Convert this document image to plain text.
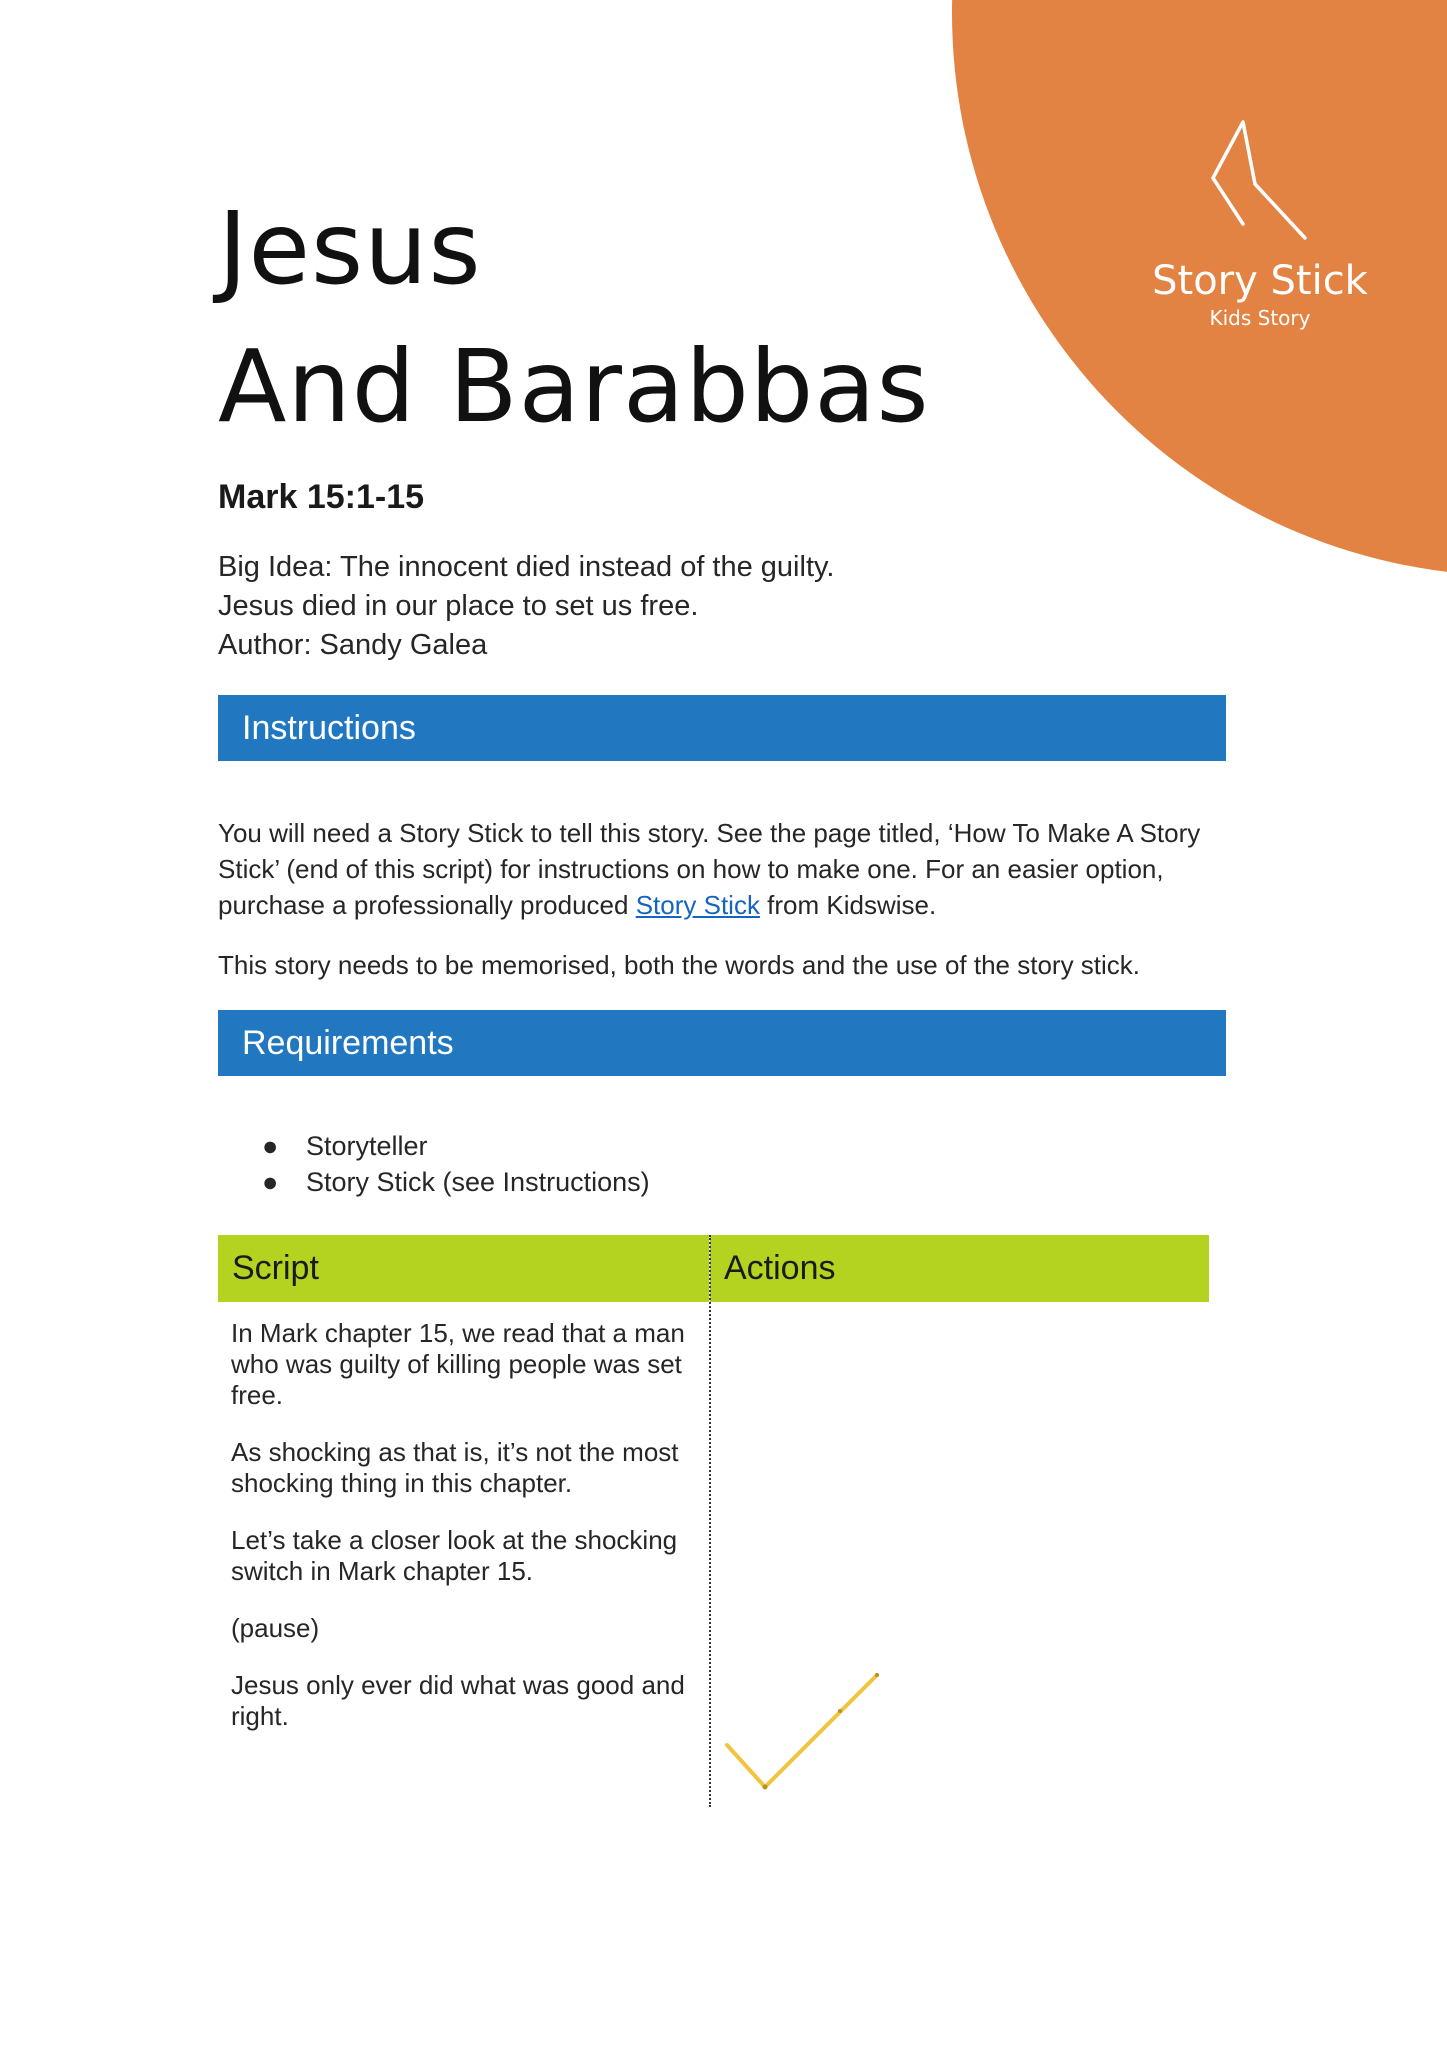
Story Stick
Kids Story
Jesus
And Barabbas
Mark 15:1-15
Big Idea: The innocent died instead of the guilty.
Jesus died in our place to set us free.
Author: Sandy Galea
Instructions

You will need a Story Stick to tell this story. See the page titled, ‘How To Make A Story Stick’ (end of this script) for instructions on how to make one. For an easier option, purchase a professionally produced Story Stick from Kidswise.

This story needs to be memorised, both the words and the use of the story stick.

Requirements
● Storyteller
● Story Stick (see Instructions)
Script	Actions

In Mark chapter 15, we read that a man who was guilty of killing people was set free.

As shocking as that is, it’s not the most shocking thing in this chapter.

Let’s take a closer look at the shocking switch in Mark chapter 15.

(pause)

Jesus only ever did what was good and right.
